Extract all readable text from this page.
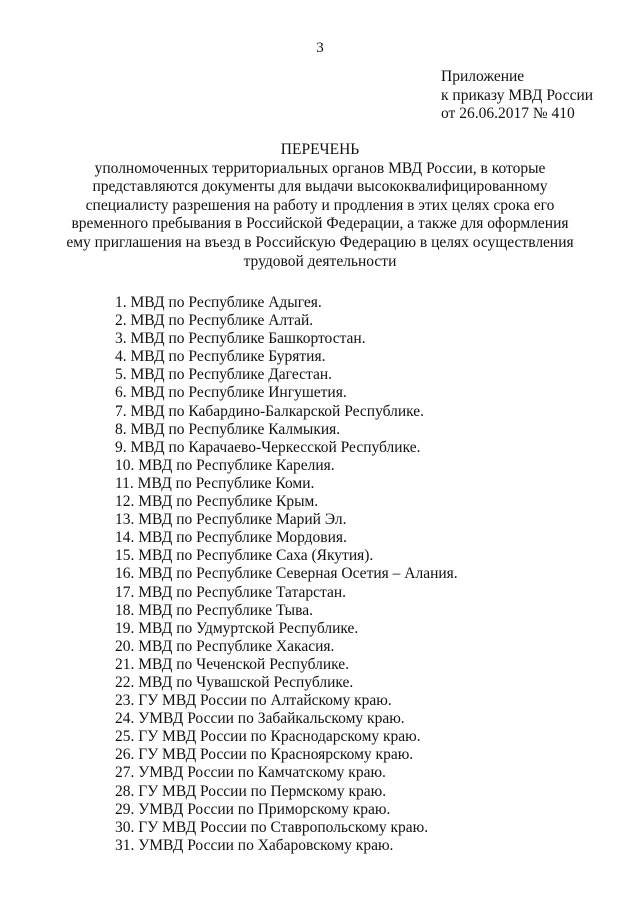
3
Приложение
к приказу МВД России
от 26.06.2017 № 410
ПЕРЕЧЕНЬ
уполномоченных территориальных органов МВД России, в которые
представляются документы для выдачи высококвалифицированному
специалисту разрешения на работу и продления в этих целях срока его
временного пребывания в Российской Федерации, а также для оформления
ему приглашения на въезд в Российскую Федерацию в целях осуществления
трудовой деятельности
1. МВД по Республике Адыгея.
2. МВД по Республике Алтай.
3. МВД по Республике Башкортостан.
4. МВД по Республике Бурятия.
5. МВД по Республике Дагестан.
6. МВД по Республике Ингушетия.
7. МВД по Кабардино-Балкарской Республике.
8. МВД по Республике Калмыкия.
9. МВД по Карачаево-Черкесской Республике.
10. МВД по Республике Карелия.
11. МВД по Республике Коми.
12. МВД по Республике Крым.
13. МВД по Республике Марий Эл.
14. МВД по Республике Мордовия.
15. МВД по Республике Саха (Якутия).
16. МВД по Республике Северная Осетия – Алания.
17. МВД по Республике Татарстан.
18. МВД по Республике Тыва.
19. МВД по Удмуртской Республике.
20. МВД по Республике Хакасия.
21. МВД по Чеченской Республике.
22. МВД по Чувашской Республике.
23. ГУ МВД России по Алтайскому краю.
24. УМВД России по Забайкальскому краю.
25. ГУ МВД России по Краснодарскому краю.
26. ГУ МВД России по Красноярскому краю.
27. УМВД России по Камчатскому краю.
28. ГУ МВД России по Пермскому краю.
29. УМВД России по Приморскому краю.
30. ГУ МВД России по Ставропольскому краю.
31. УМВД России по Хабаровскому краю.
